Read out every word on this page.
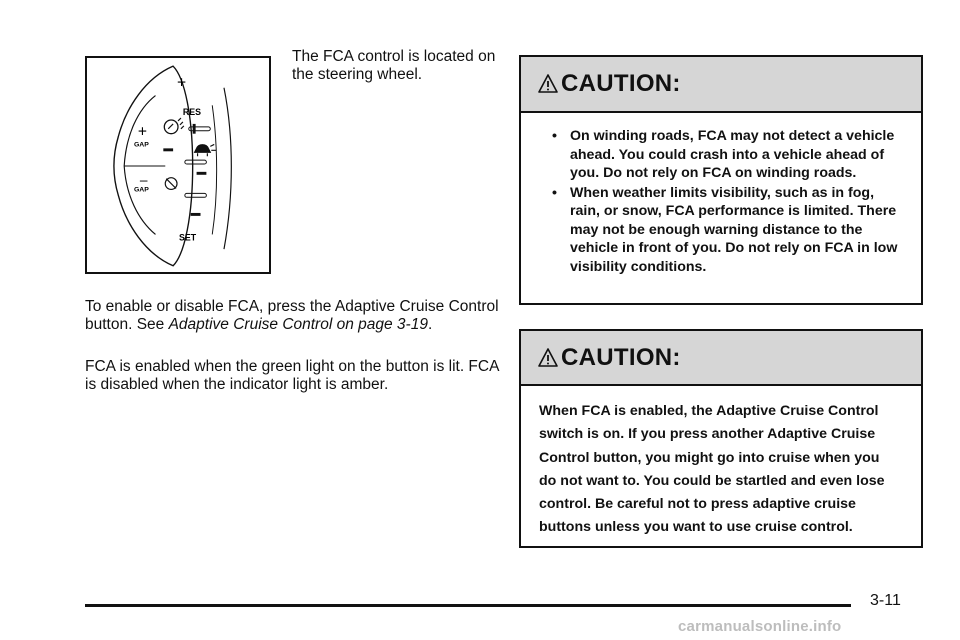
+
RES
+
GAP
–
GAP
SET

The FCA control is located on the steering wheel.

To enable or disable FCA, press the Adaptive Cruise Control button. See Adaptive Cruise Control on page 3-19.

FCA is enabled when the green light on the button is lit. FCA is disabled when the indicator light is amber.

CAUTION:
• On winding roads, FCA may not detect a vehicle ahead. You could crash into a vehicle ahead of you. Do not rely on FCA on winding roads.
• When weather limits visibility, such as in fog, rain, or snow, FCA performance is limited. There may not be enough warning distance to the vehicle in front of you. Do not rely on FCA in low visibility conditions.
CAUTION:

When FCA is enabled, the Adaptive Cruise Control switch is on. If you press another Adaptive Cruise Control button, you might go into cruise when you do not want to. You could be startled and even lose control. Be careful not to press adaptive cruise buttons unless you want to use cruise control.

3-11
carmanualsonline.info
